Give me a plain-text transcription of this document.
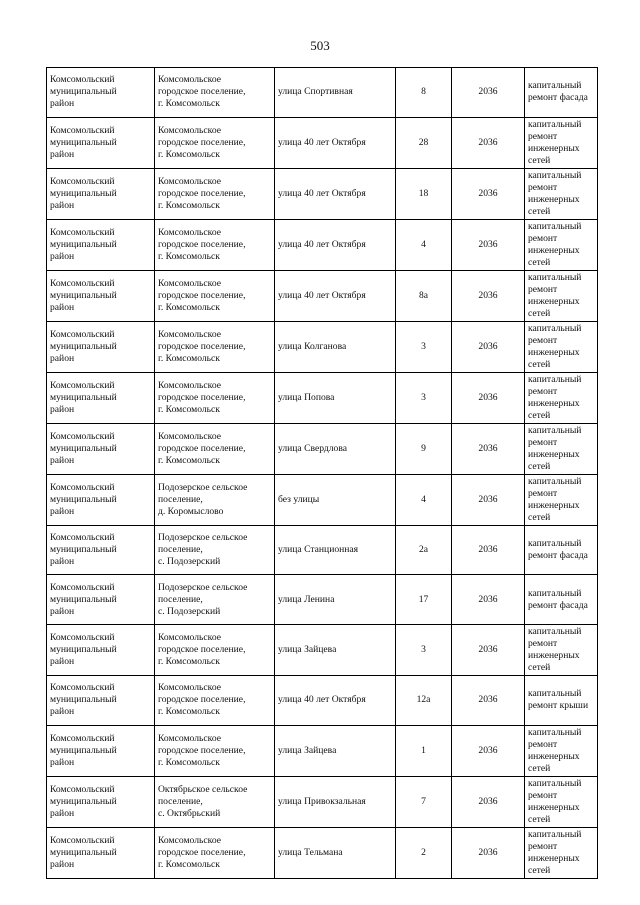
503
Комсомольский
муниципальный
район	Комсомольское
городское поселение,
г. Комсомольск	улица Спортивная	8	2036	капитальный
ремонт фасада

Комсомольский
муниципальный
район	Комсомольское
городское поселение,
г. Комсомольск	улица 40 лет Октября	28	2036	капитальный
ремонт
инженерных
сетей

Комсомольский
муниципальный
район	Комсомольское
городское поселение,
г. Комсомольск	улица 40 лет Октября	18	2036	капитальный
ремонт
инженерных
сетей

Комсомольский
муниципальный
район	Комсомольское
городское поселение,
г. Комсомольск	улица 40 лет Октября	4	2036	капитальный
ремонт
инженерных
сетей

Комсомольский
муниципальный
район	Комсомольское
городское поселение,
г. Комсомольск	улица 40 лет Октября	8а	2036	капитальный
ремонт
инженерных
сетей

Комсомольский
муниципальный
район	Комсомольское
городское поселение,
г. Комсомольск	улица Колганова	3	2036	капитальный
ремонт
инженерных
сетей

Комсомольский
муниципальный
район	Комсомольское
городское поселение,
г. Комсомольск	улица Попова	3	2036	капитальный
ремонт
инженерных
сетей

Комсомольский
муниципальный
район	Комсомольское
городское поселение,
г. Комсомольск	улица Свердлова	9	2036	капитальный
ремонт
инженерных
сетей

Комсомольский
муниципальный
район	Подозерское сельское
поселение,
д. Коромыслово	без улицы	4	2036	капитальный
ремонт
инженерных
сетей

Комсомольский
муниципальный
район	Подозерское сельское
поселение,
с. Подозерский	улица Станционная	2а	2036	капитальный
ремонт фасада

Комсомольский
муниципальный
район	Подозерское сельское
поселение,
с. Подозерский	улица Ленина	17	2036	капитальный
ремонт фасада

Комсомольский
муниципальный
район	Комсомольское
городское поселение,
г. Комсомольск	улица Зайцева	3	2036	капитальный
ремонт
инженерных
сетей

Комсомольский
муниципальный
район	Комсомольское
городское поселение,
г. Комсомольск	улица 40 лет Октября	12а	2036	капитальный
ремонт крыши

Комсомольский
муниципальный
район	Комсомольское
городское поселение,
г. Комсомольск	улица Зайцева	1	2036	капитальный
ремонт
инженерных
сетей

Комсомольский
муниципальный
район	Октябрьское сельское
поселение,
с. Октябрьский	улица Привокзальная	7	2036	капитальный
ремонт
инженерных
сетей

Комсомольский
муниципальный
район	Комсомольское
городское поселение,
г. Комсомольск	улица Тельмана	2	2036	капитальный
ремонт
инженерных
сетей
